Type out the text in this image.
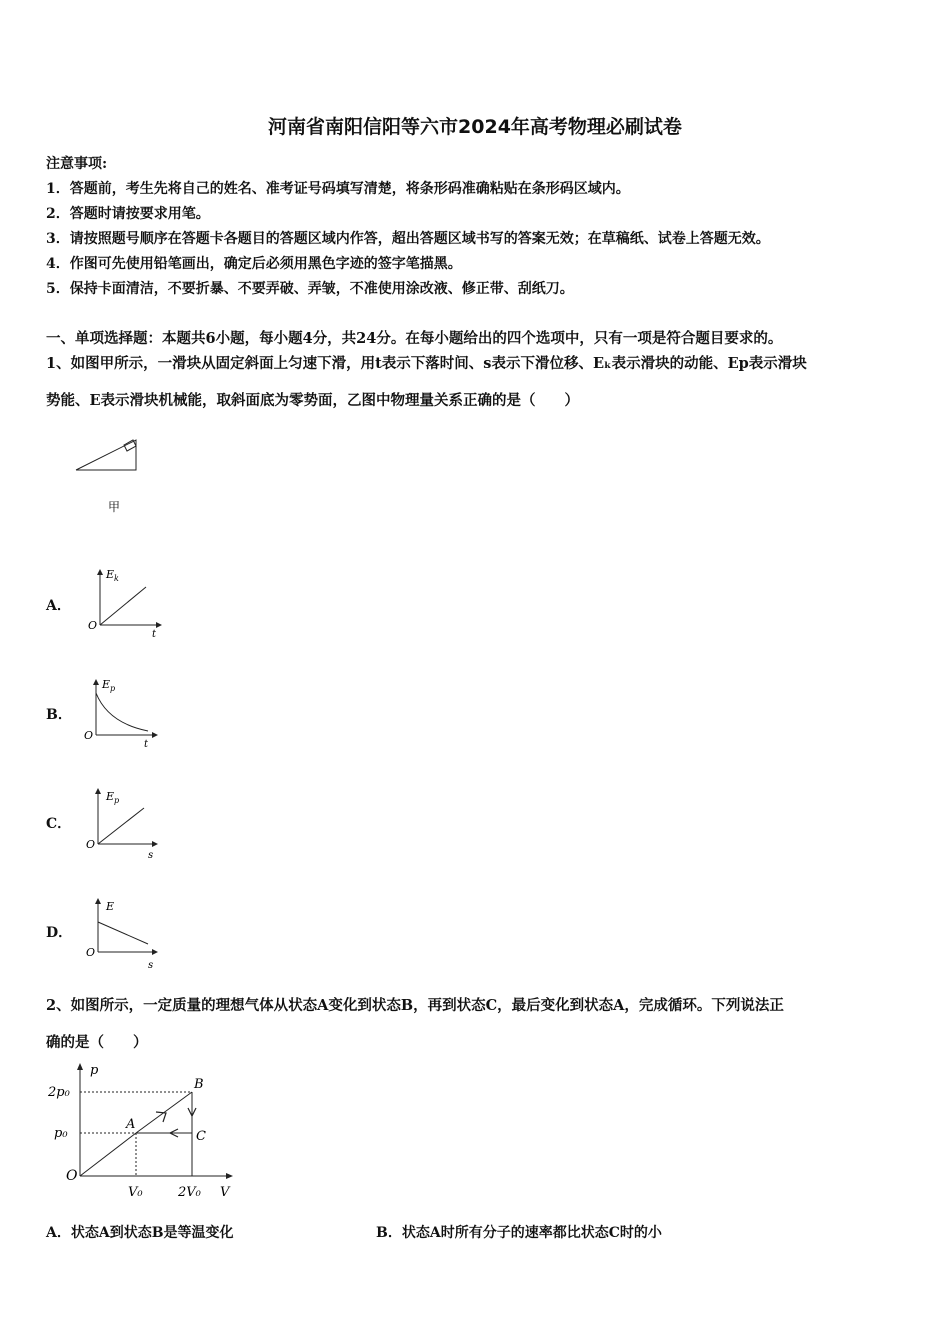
河南省南阳信阳等六市2024年高考物理必刷试卷
注意事项:
1．答题前，考生先将自己的姓名、准考证号码填写清楚，将条形码准确粘贴在条形码区域内。
2．答题时请按要求用笔。
3．请按照题号顺序在答题卡各题目的答题区域内作答，超出答题区域书写的答案无效；在草稿纸、试卷上答题无效。
4．作图可先使用铅笔画出，确定后必须用黑色字迹的签字笔描黑。
5．保持卡面清洁，不要折暴、不要弄破、弄皱，不准使用涂改液、修正带、刮纸刀。
一、单项选择题：本题共6小题，每小题4分，共24分。在每小题给出的四个选项中，只有一项是符合题目要求的。
1、如图甲所示，一滑块从固定斜面上匀速下滑，用t表示下落时间、s表示下滑位移、Eₖ表示滑块的动能、Ep表示滑块
势能、E表示滑块机械能，取斜面底为零势面，乙图中物理量关系正确的是（　　）
甲
A．
E k
O
t
B．
E p
O
t
C．
E p
O
s
D．
E
O
s
2、如图所示，一定质量的理想气体从状态A变化到状态B，再到状态C，最后变化到状态A，完成循环。下列说法正
确的是（　　）
p
2p₀
p₀
O
V₀	2V₀ V
A
B
C
A．状态A到状态B是等温变化	B．状态A时所有分子的速率都比状态C时的小
